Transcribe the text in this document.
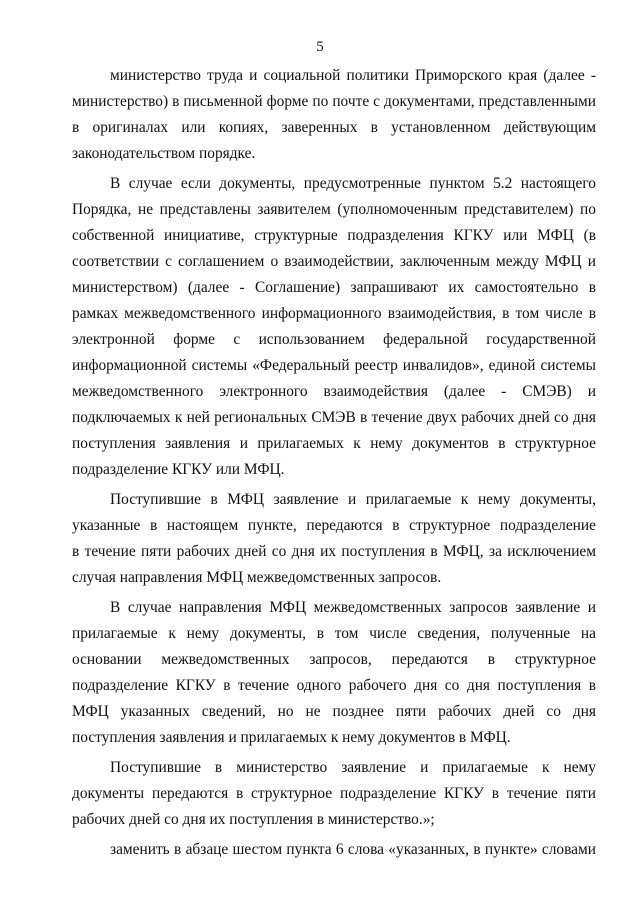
5
министерство труда и социальной политики Приморского края (далее -
министерство) в письменной форме по почте с документами, представленными
в оригиналах или копиях, заверенных в установленном действующим
законодательством порядке.
В случае если документы, предусмотренные пунктом 5.2 настоящего
Порядка, не представлены заявителем (уполномоченным представителем) по
собственной инициативе, структурные подразделения КГКУ или МФЦ (в
соответствии с соглашением о взаимодействии, заключенным между МФЦ и
министерством) (далее - Соглашение) запрашивают их самостоятельно в
рамках межведомственного информационного взаимодействия, в том числе в
электронной форме с использованием федеральной государственной
информационной системы «Федеральный реестр инвалидов», единой системы
межведомственного электронного взаимодействия (далее - СМЭВ) и
подключаемых к ней региональных СМЭВ в течение двух рабочих дней со дня
поступления заявления и прилагаемых к нему документов в структурное
подразделение КГКУ или МФЦ.
Поступившие в МФЦ заявление и прилагаемые к нему документы,
указанные в настоящем пункте, передаются в структурное подразделение
в течение пяти рабочих дней со дня их поступления в МФЦ, за исключением
случая направления МФЦ межведомственных запросов.
В случае направления МФЦ межведомственных запросов заявление и
прилагаемые к нему документы, в том числе сведения, полученные на
основании межведомственных запросов, передаются в структурное
подразделение КГКУ в течение одного рабочего дня со дня поступления в
МФЦ указанных сведений, но не позднее пяти рабочих дней со дня
поступления заявления и прилагаемых к нему документов в МФЦ.
Поступившие в министерство заявление и прилагаемые к нему
документы передаются в структурное подразделение КГКУ в течение пяти
рабочих дней со дня их поступления в министерство.»;
заменить в абзаце шестом пункта 6 слова «указанных, в пункте» словами
